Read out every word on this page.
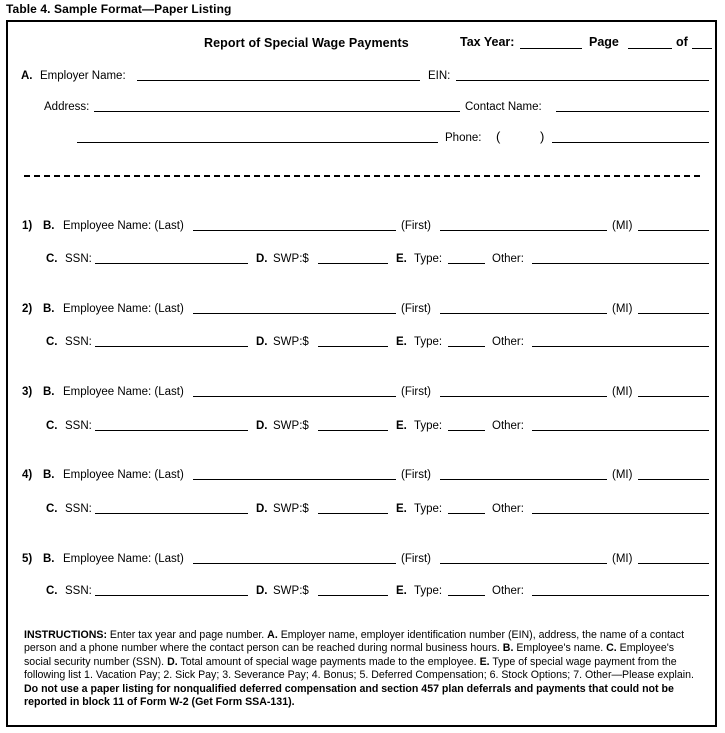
Table 4. Sample Format—Paper Listing
Report of Special Wage Payments	Tax Year:	Page	of
A. Employer Name:	EIN:
Address:	Contact Name:
Phone: (	)
1) B. Employee Name: (Last)	(First)	(MI)
C. SSN:	D. SWP:$	E. Type:	Other:
2) B. Employee Name: (Last)	(First)	(MI)
C. SSN:	D. SWP:$	E. Type:	Other:
3) B. Employee Name: (Last)	(First)	(MI)
C. SSN:	D. SWP:$	E. Type:	Other:
4) B. Employee Name: (Last)	(First)	(MI)
C. SSN:	D. SWP:$	E. Type:	Other:
5) B. Employee Name: (Last)	(First)	(MI)
C. SSN:	D. SWP:$	E. Type:	Other:
INSTRUCTIONS: Enter tax year and page number. A. Employer name, employer identification number (EIN), address, the name of a contact person and a phone number where the contact person can be reached during normal business hours. B. Employee's name. C. Employee's social security number (SSN). D. Total amount of special wage payments made to the employee. E. Type of special wage payment from the following list 1. Vacation Pay; 2. Sick Pay; 3. Severance Pay; 4. Bonus; 5. Deferred Compensation; 6. Stock Options; 7. Other—Please explain. Do not use a paper listing for nonqualified deferred compensation and section 457 plan deferrals and payments that could not be reported in block 11 of Form W-2 (Get Form SSA-131).
